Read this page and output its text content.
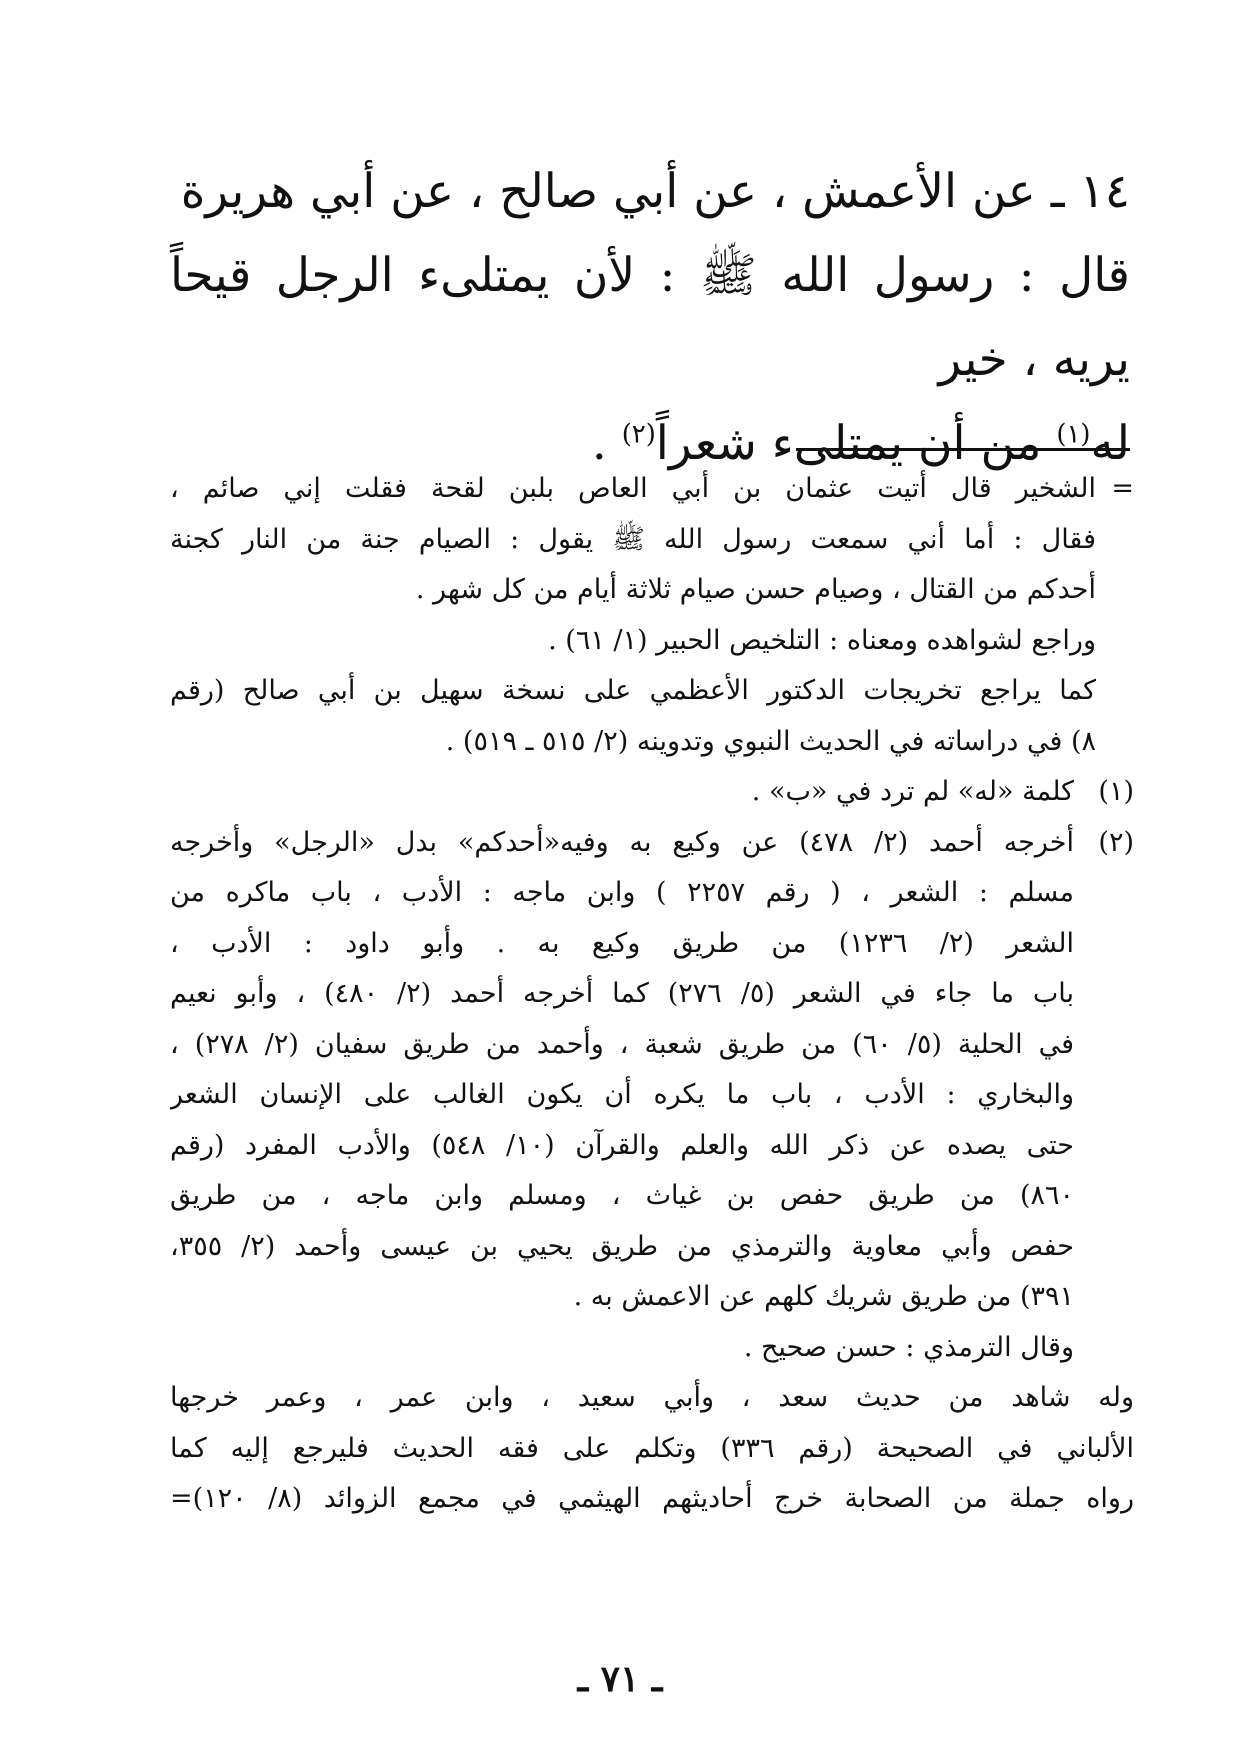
١٤ ـ عن الأعمش ، عن أبي صالح ، عن أبي هريرة

قال : رسول الله ﷺ : لأن يمتلىء الرجل قيحاً يريه ، خير

له$^{(١)}$ من أن يمتلىء شعراً$^{(٢)}$ .

=
الشخير قال أتيت عثمان بن أبي العاص بلبن لقحة فقلت إني صائم ،
فقال : أما أني سمعت رسول الله ﷺ يقول : الصيام جنة من النار كجنة
أحدكم من القتال ، وصيام حسن صيام ثلاثة أيام من كل شهر .
وراجع لشواهده ومعناه : التلخيص الحبير (١/ ٦١) .
كما يراجع تخريجات الدكتور الأعظمي على نسخة سهيل بن أبي صالح (رقم
٨) في دراساته في الحديث النبوي وتدوينه (٢/ ٥١٥ ـ ٥١٩) .
(١)
كلمة «له» لم ترد في «ب» .
(٢)
أخرجه أحمد (٢/ ٤٧٨) عن وكيع به وفيه«أحدكم» بدل «الرجل» وأخرجه
مسلم : الشعر ، ( رقم ٢٢٥٧ ) وابن ماجه : الأدب ، باب ماكره من
الشعر (٢/ ١٢٣٦) من طريق وكيع به . وأبو داود : الأدب ،
باب ما جاء في الشعر (٥/ ٢٧٦) كما أخرجه أحمد (٢/ ٤٨٠) ، وأبو نعيم
في الحلية (٥/ ٦٠) من طريق شعبة ، وأحمد من طريق سفيان (٢/ ٢٧٨) ،
والبخاري : الأدب ، باب ما يكره أن يكون الغالب على الإنسان الشعر
حتى يصده عن ذكر الله والعلم والقرآن (١٠/ ٥٤٨) والأدب المفرد (رقم
٨٦٠) من طريق حفص بن غياث ، ومسلم وابن ماجه ، من طريق
حفص وأبي معاوية والترمذي من طريق يحيي بن عيسى وأحمد (٢/ ٣٥٥،
٣٩١) من طريق شريك كلهم عن الاعمش به .
وقال الترمذي : حسن صحيح .
وله شاهد من حديث سعد ، وأبي سعيد ، وابن عمر ، وعمر خرجها
الألباني في الصحيحة (رقم ٣٣٦) وتكلم على فقه الحديث فليرجع إليه كما
رواه جملة من الصحابة خرج أحاديثهم الهيثمي في مجمع الزوائد (٨/ ١٢٠)=
ـ ٧١ ـ
